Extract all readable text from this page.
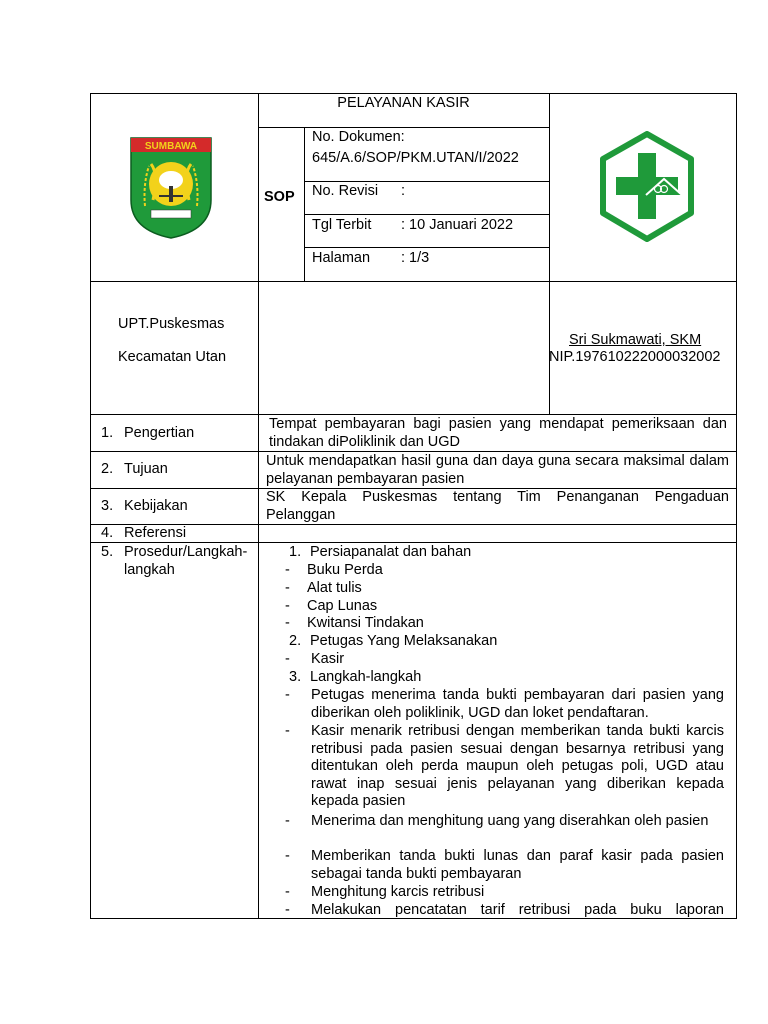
SUMBAWA
PELAYANAN KASIR
SOP
No. Dokumen:
645/A.6/SOP/PKM.UTAN/I/2022
No. Revisi :
Tgl Terbit : 10 Januari 2022
Halaman : 1/3
UPT.Puskesmas
Kecamatan Utan
Sri Sukmawati, SKM
NIP.197610222000032002
1. Pengertian
Tempat pembayaran bagi pasien yang mendapat pemeriksaan dan tindakan diPoliklinik dan UGD
2. Tujuan	Untuk mendapatkan hasil guna dan daya guna secara maksimal dalam pelayanan pembayaran pasien
3. Kebijakan
SK Kepala Puskesmas tentang Tim Penanganan Pengaduan Pelanggan
4. Referensi
5. Prosedur/Langkah-
langkah
1. Persiapanalat dan bahan
- Buku Perda
- Alat tulis
- Cap Lunas
- Kwitansi Tindakan
2. Petugas Yang Melaksanakan
- Kasir
3. Langkah-langkah
- Petugas menerima tanda bukti pembayaran dari pasien yang diberikan oleh poliklinik, UGD dan loket pendaftaran.
- Kasir menarik retribusi dengan memberikan tanda bukti karcis retribusi pada pasien sesuai dengan besarnya retribusi yang ditentukan oleh perda maupun oleh petugas poli, UGD atau rawat inap sesuai jenis pelayanan yang diberikan kepada kepada pasien
- Menerima dan menghitung uang yang diserahkan oleh pasien
- Memberikan tanda bukti lunas dan paraf kasir pada pasien sebagai tanda bukti pembayaran
- Menghitung karcis retribusi
- Melakukan pencatatan tarif retribusi pada buku laporan
